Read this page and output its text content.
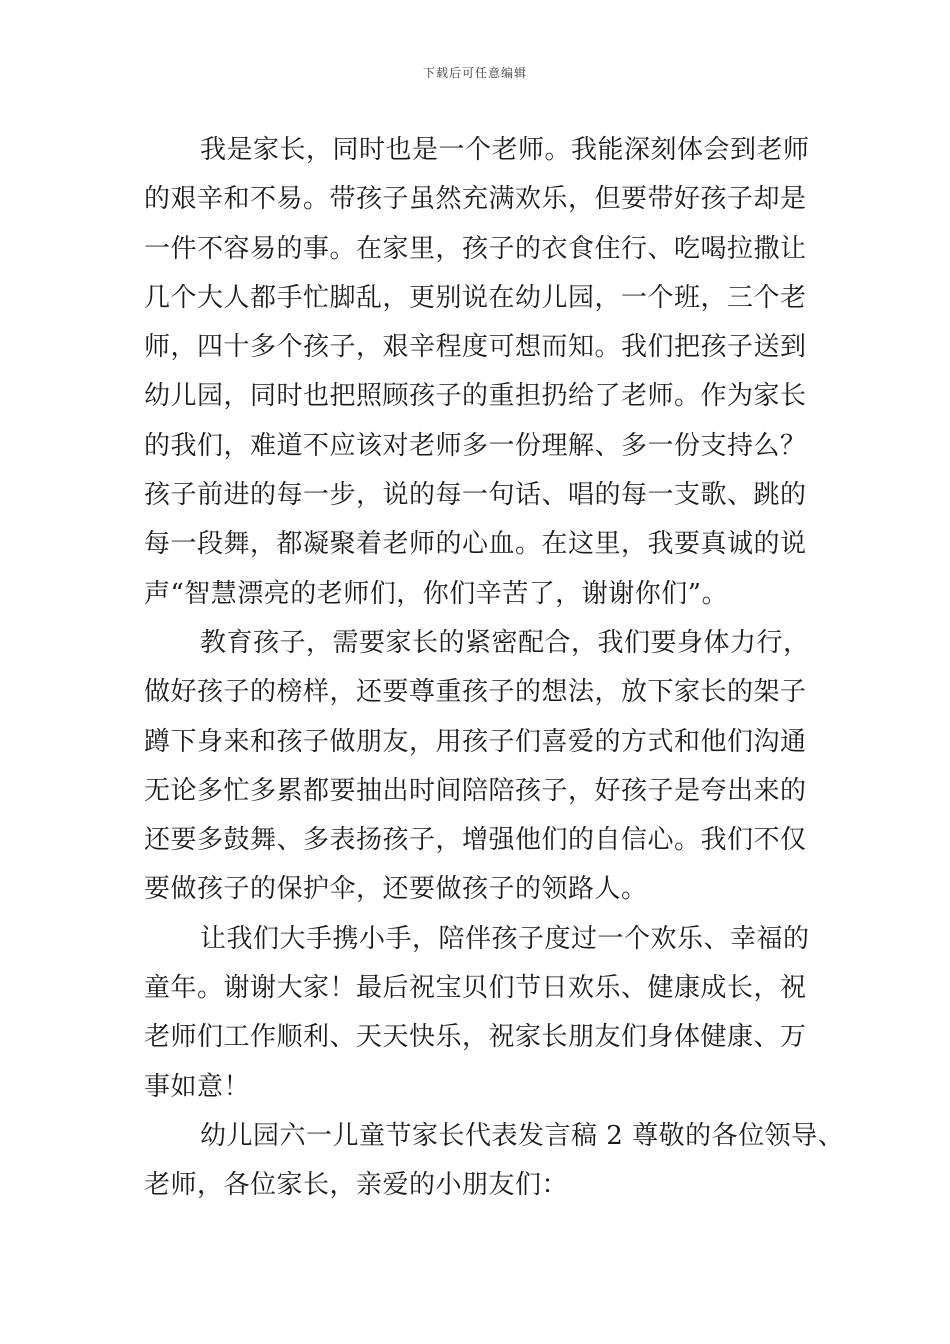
下载后可任意编辑
我是家长，同时也是一个老师。我能深刻体会到老师
的艰辛和不易。带孩子虽然充满欢乐，但要带好孩子却是
一件不容易的事。在家里，孩子的衣食住行、吃喝拉撒让
几个大人都手忙脚乱，更别说在幼儿园，一个班，三个老
师，四十多个孩子，艰辛程度可想而知。我们把孩子送到
幼儿园，同时也把照顾孩子的重担扔给了老师。作为家长
的我们，难道不应该对老师多一份理解、多一份支持么？
孩子前进的每一步，说的每一句话、唱的每一支歌、跳的
每一段舞，都凝聚着老师的心血。在这里，我要真诚的说
声“智慧漂亮的老师们，你们辛苦了，谢谢你们”。
教育孩子，需要家长的紧密配合，我们要身体力行，
做好孩子的榜样，还要尊重孩子的想法，放下家长的架子
蹲下身来和孩子做朋友，用孩子们喜爱的方式和他们沟通
无论多忙多累都要抽出时间陪陪孩子，好孩子是夸出来的
还要多鼓舞、多表扬孩子，增强他们的自信心。我们不仅
要做孩子的保护伞，还要做孩子的领路人。
让我们大手携小手，陪伴孩子度过一个欢乐、幸福的
童年。谢谢大家！最后祝宝贝们节日欢乐、健康成长，祝
老师们工作顺利、天天快乐，祝家长朋友们身体健康、万
事如意！
幼儿园六一儿童节家长代表发言稿 2 尊敬的各位领导、
老师，各位家长，亲爱的小朋友们：
